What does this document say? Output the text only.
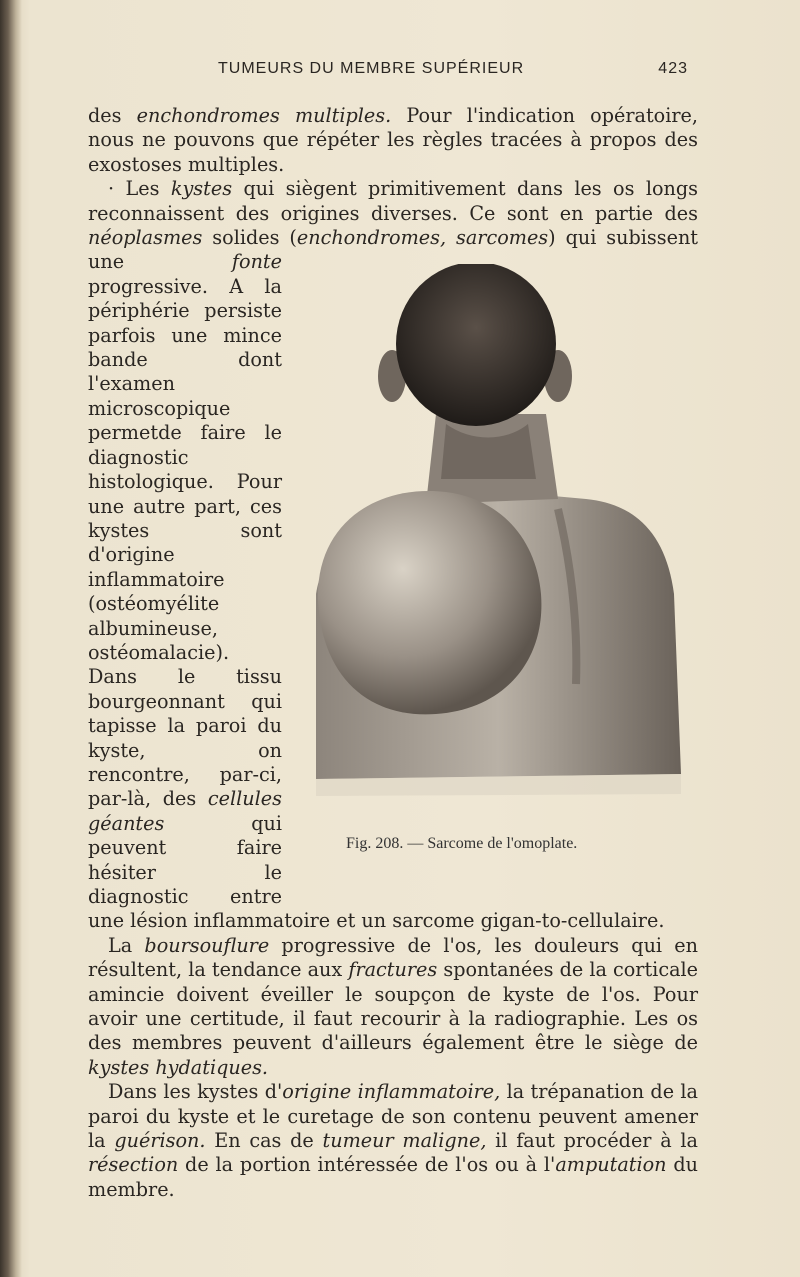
TUMEURS DU MEMBRE SUPÉRIEUR	423

des enchondromes multiples. Pour l'indication opératoire, nous ne pouvons que répéter les règles tracées à propos des exostoses multiples.

· Les kystes qui siègent primitivement dans les os longs reconnaissent des origines diverses. Ce sont en partie des néoplasmes solides (enchondromes, sarcomes) qui subissent une fonte
Fig. 208. — Sarcome de l'omoplate.
progressive. A la périphérie persiste parfois une mince bande dont l'examen microscopique permetde faire le diagnostic histologique. Pour une autre part, ces kystes sont d'origine inflammatoire (ostéomyélite albumineuse, ostéomalacie). Dans le tissu bourgeonnant qui tapisse la paroi du kyste, on rencontre, par-ci, par-là, des cellules géantes qui peuvent faire hésiter le diagnostic entre une lésion inflammatoire et un sarcome gigan-to-cellulaire.

La boursouflure progressive de l'os, les douleurs qui en résultent, la tendance aux fractures spontanées de la corticale amincie doivent éveiller le soupçon de kyste de l'os. Pour avoir une certitude, il faut recourir à la radiographie. Les os des membres peuvent d'ailleurs également être le siège de kystes hydatiques.

Dans les kystes d'origine inflammatoire, la trépanation de la paroi du kyste et le curetage de son contenu peuvent amener la guérison. En cas de tumeur maligne, il faut procéder à la résection de la portion intéressée de l'os ou à l'amputation du membre.
